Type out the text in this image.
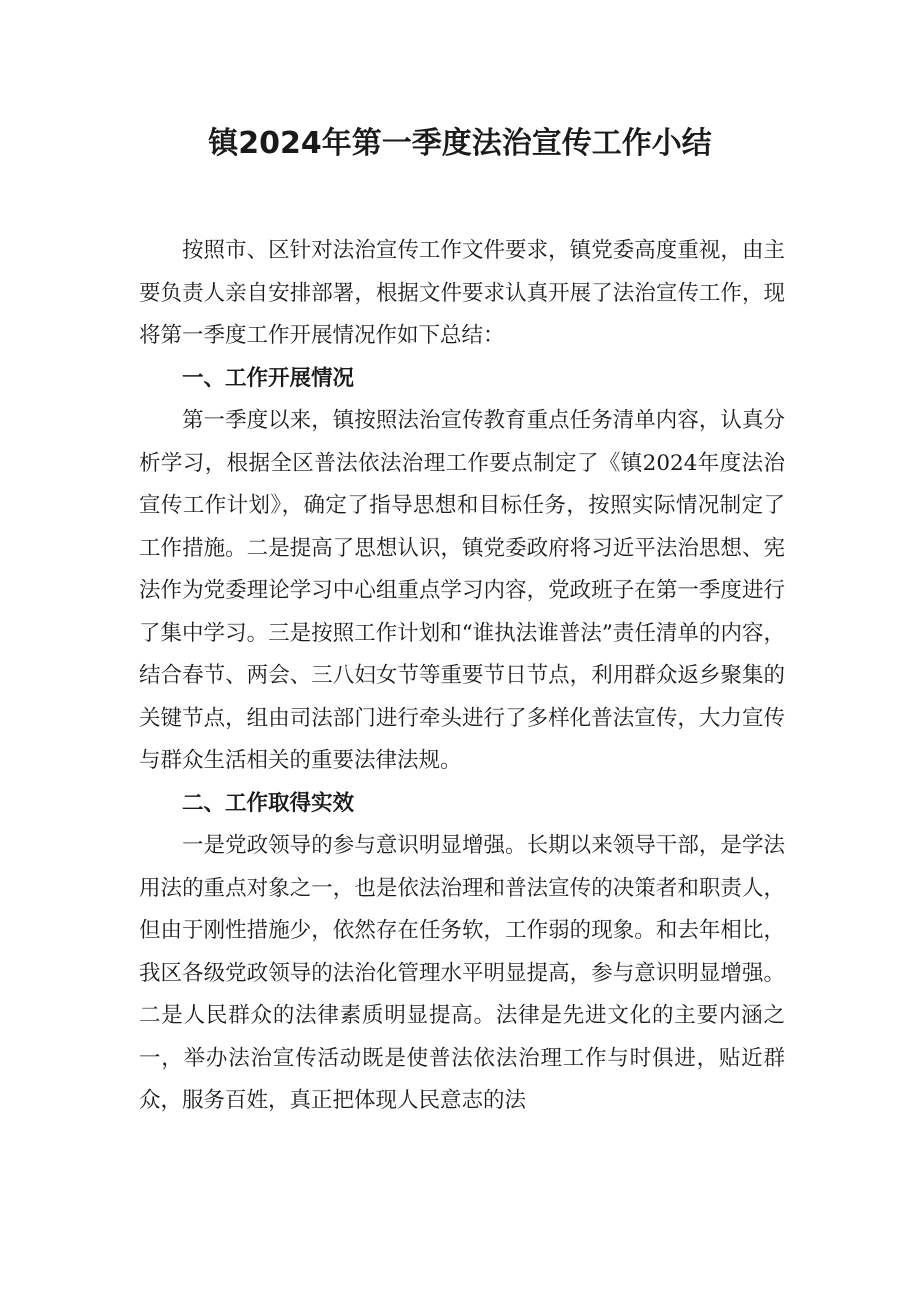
镇2024年第一季度法治宣传工作小结

按照市、区针对法治宣传工作文件要求，镇党委高度重视，由主要负责人亲自安排部署，根据文件要求认真开展了法治宣传工作，现将第一季度工作开展情况作如下总结：

一、工作开展情况

第一季度以来，镇按照法治宣传教育重点任务清单内容，认真分析学习，根据全区普法依法治理工作要点制定了《镇2024年度法治宣传工作计划》，确定了指导思想和目标任务，按照实际情况制定了工作措施。二是提高了思想认识，镇党委政府将习近平法治思想、宪法作为党委理论学习中心组重点学习内容，党政班子在第一季度进行了集中学习。三是按照工作计划和“谁执法谁普法”责任清单的内容，结合春节、两会、三八妇女节等重要节日节点，利用群众返乡聚集的关键节点，组由司法部门进行牵头进行了多样化普法宣传，大力宣传与群众生活相关的重要法律法规。

二、工作取得实效

一是党政领导的参与意识明显增强。长期以来领导干部，是学法用法的重点对象之一，也是依法治理和普法宣传的决策者和职责人，但由于刚性措施少，依然存在任务软，工作弱的现象。和去年相比，我区各级党政领导的法治化管理水平明显提高，参与意识明显增强。二是人民群众的法律素质明显提高。法律是先进文化的主要内涵之一，举办法治宣传活动既是使普法依法治理工作与时俱进，贴近群众，服务百姓，真正把体现人民意志的法
